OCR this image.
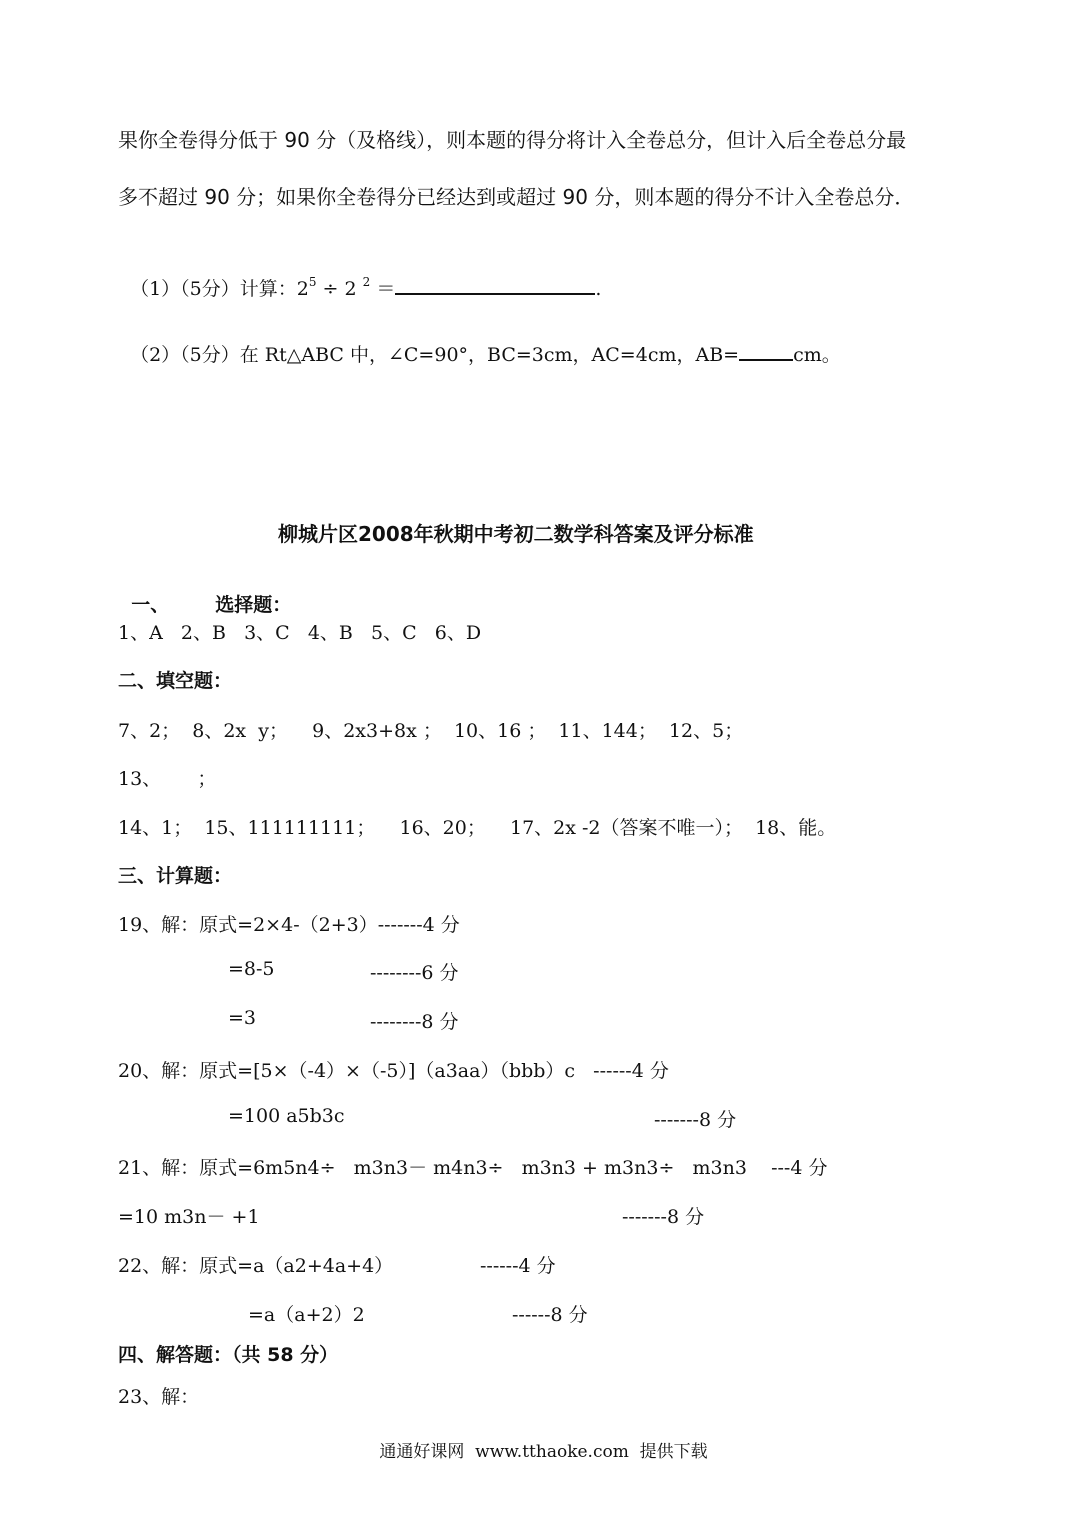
果你全卷得分低于 90 分（及格线），则本题的得分将计入全卷总分，但计入后全卷总分最
多不超过 90 分；如果你全卷得分已经达到或超过 90 分，则本题的得分不计入全卷总分．

（1）（5分）计算：$2^5 \div 2$ $^2$ ＝	.

（2）（5分）在 Rt△ABC 中，∠C=90°，BC=3cm，AC=4cm，AB=	cm。

柳城片区2008年秋期中考初二数学科答案及评分标准

一、 选择题：

1、A   2、B   3、C   4、B   5、C   6、D
二、填空题：
7、2；  8、2x  y；    9、2x3+8x ；  10、16 ；  11、144；  12、5；
13、      ；
14、1；  15、111111111；    16、20；    17、2x -2（答案不唯一）；  18、能。
三、计算题：
19、解：原式=2×4-（2+3）-------4 分
=8-5	--------6 分
=3	--------8 分
20、解：原式=[5×（-4）×（-5）]（a3aa）（bbb）c   ------4 分
=100 a5b3c	-------8 分
21、解：原式=6m5n4÷   m3n3－ m4n3÷   m3n3 + m3n3÷   m3n3    ---4 分
=10 m3n－ +1	-------8 分
22、解：原式=a（a2+4a+4）	------4 分
=a（a+2）2	------8 分
四、解答题：（共 58 分）
23、解：
通通好课网  www.tthaoke.com  提供下载
